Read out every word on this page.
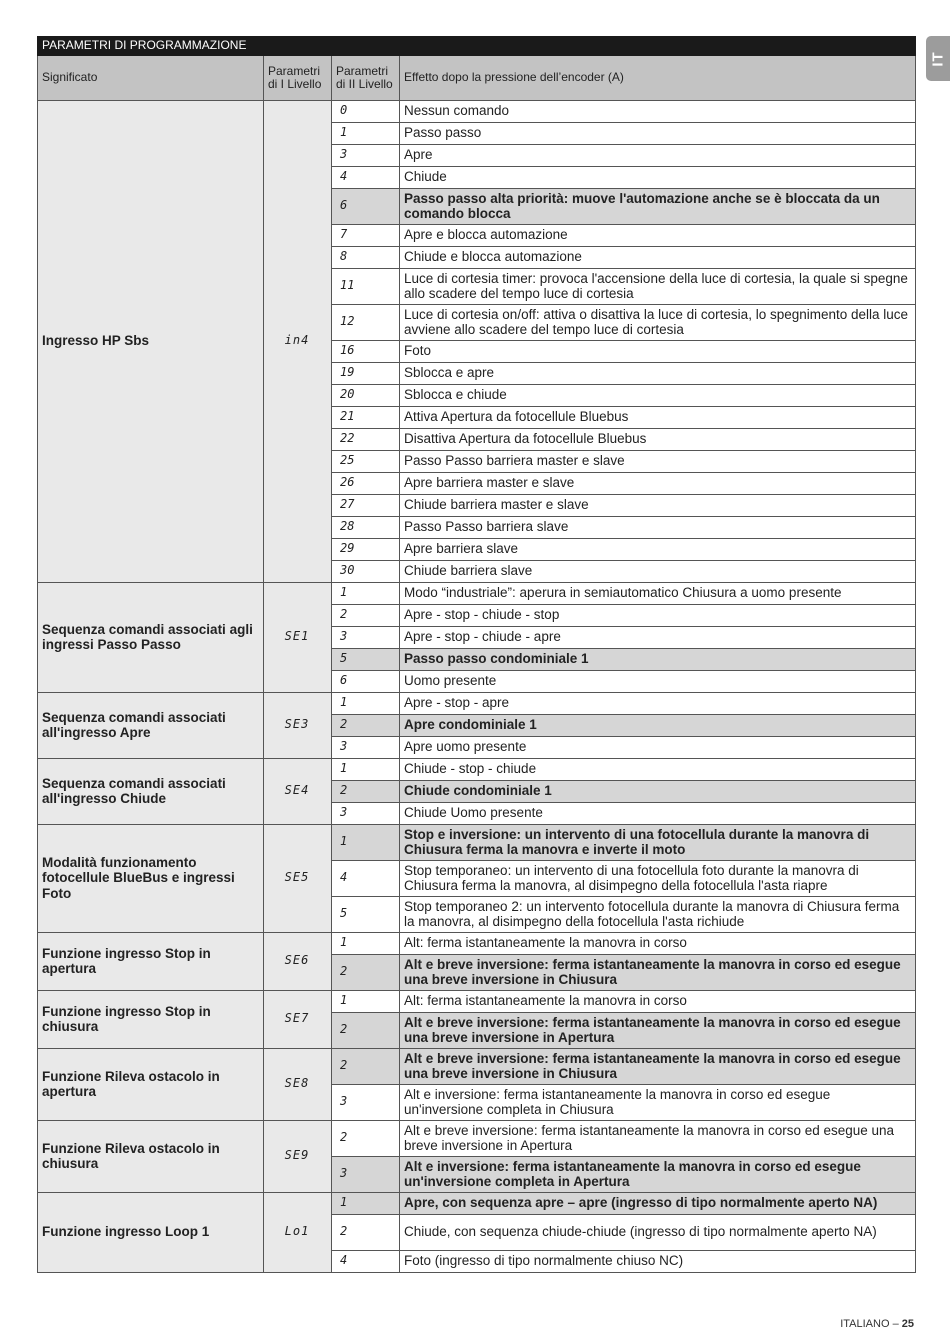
IT
PARAMETRI DI PROGRAMMAZIONE			
Significato	Parametri di I Livello	Parametri di II Livello	Effetto dopo la pressione dell’encoder (A)
Ingresso HP Sbs	in4	0	Nessun comando
		1	Passo passo
		3	Apre
		4	Chiude
		6	Passo passo alta priorità: muove l'automazione anche se è bloccata da un comando blocca
		7	Apre e blocca automazione
		8	Chiude e blocca automazione
		11	Luce di cortesia timer: provoca l'accensione della luce di cortesia, la quale si spegne allo scadere del tempo luce di cortesia
		12	Luce di cortesia on/off: attiva o disattiva la luce di cortesia, lo spegnimento della luce avviene allo scadere del tempo luce di cortesia
		16	Foto
		19	Sblocca e apre
		20	Sblocca e chiude
		21	Attiva Apertura da fotocellule Bluebus
		22	Disattiva Apertura da fotocellule Bluebus
		25	Passo Passo barriera master e slave
		26	Apre barriera master e slave
		27	Chiude barriera master e slave
		28	Passo Passo barriera slave
		29	Apre barriera slave
		30	Chiude barriera slave
Sequenza comandi associati agli ingressi Passo Passo	SE1	1	Modo “industriale”: aperura in semiautomatico Chiusura a uomo presente
		2	Apre - stop - chiude - stop
		3	Apre - stop - chiude - apre
		5	Passo passo condominiale 1
		6	Uomo presente
Sequenza comandi associati all'ingresso Apre	SE3	1	Apre - stop - apre
		2	Apre condominiale 1
		3	Apre uomo presente
Sequenza comandi associati all'ingresso Chiude	SE4	1	Chiude - stop - chiude
		2	Chiude condominiale 1
		3	Chiude Uomo presente
Modalità funzionamento fotocellule BlueBus e ingressi Foto	SE5	1	Stop e inversione: un intervento di una fotocellula durante la manovra di Chiusura ferma la manovra e inverte il moto
		4	Stop temporaneo: un intervento di una fotocellula foto durante la manovra di Chiusura ferma la manovra, al disimpegno della fotocellula l'asta riapre
		5	Stop temporaneo 2: un intervento fotocellula durante la manovra di Chiusura ferma la manovra, al disimpegno della fotocellula l'asta richiude
Funzione ingresso Stop in apertura	SE6	1	Alt: ferma istantaneamente la manovra in corso
		2	Alt e breve inversione: ferma istantaneamente la manovra in corso ed esegue una breve inversione in Chiusura
Funzione ingresso Stop in chiusura	SE7	1	Alt: ferma istantaneamente la manovra in corso
		2	Alt e breve inversione: ferma istantaneamente la manovra in corso ed esegue una breve inversione in Apertura
Funzione Rileva ostacolo in apertura	SE8	2	Alt e breve inversione: ferma istantaneamente la manovra in corso ed esegue una breve inversione in Chiusura
		3	Alt e inversione: ferma istantaneamente la manovra in corso ed esegue un'inversione completa in Chiusura
Funzione Rileva ostacolo in chiusura	SE9	2	Alt e breve inversione: ferma istantaneamente la manovra in corso ed esegue una breve inversione in Apertura
		3	Alt e inversione: ferma istantaneamente la manovra in corso ed esegue un'inversione completa in Apertura
Funzione ingresso Loop 1	Lo1	1	Apre, con sequenza apre – apre (ingresso di tipo normalmente aperto NA)
		2	Chiude, con sequenza chiude-chiude (ingresso di tipo normalmente aperto NA)
		4	Foto (ingresso di tipo normalmente chiuso NC)
ITALIANO – 25
